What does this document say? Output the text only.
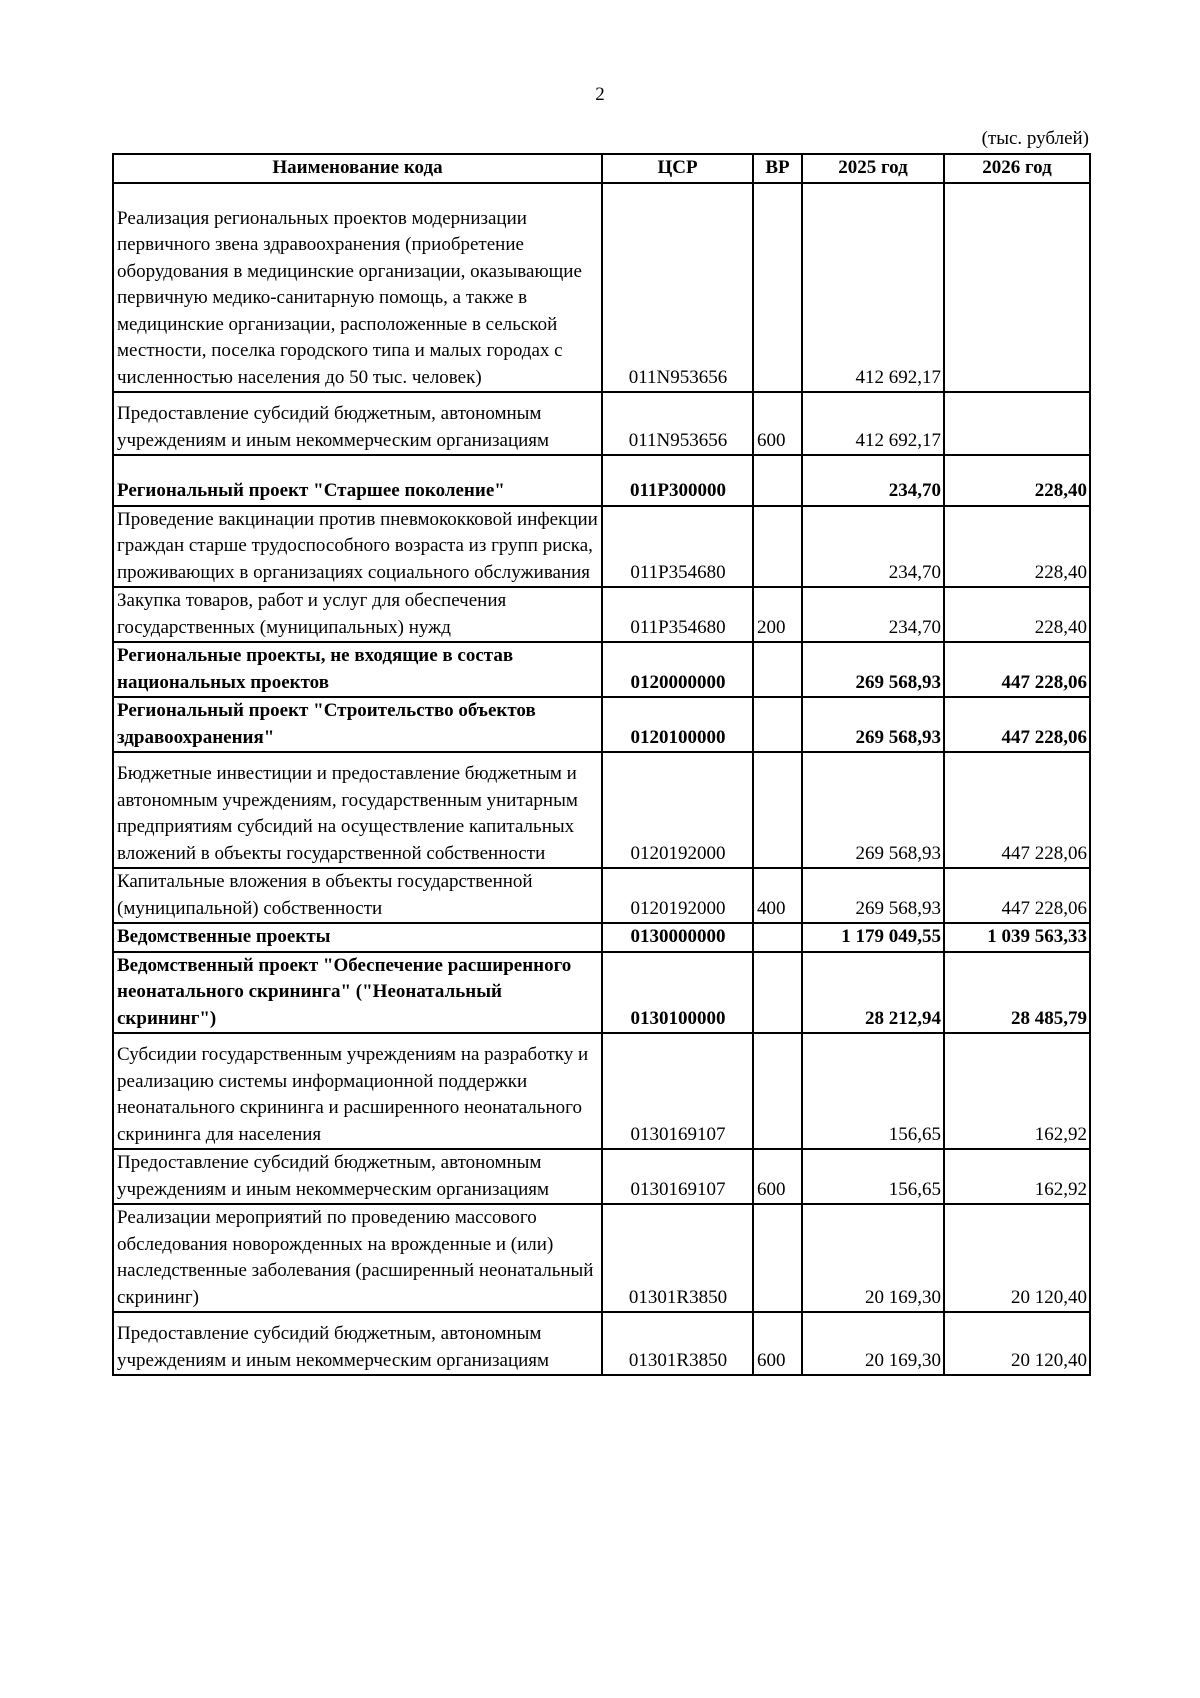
2
(тыс. рублей)
Наименование кода	ЦСР	ВР	2025 год	2026 год
Реализация региональных проектов модернизации первичного звена здравоохранения (приобретение оборудования в медицинские организации, оказывающие первичную медико-санитарную помощь, а также в медицинские организации, расположенные в сельской местности, поселка городского типа и малых городах с численностью населения до 50 тыс. человек)	011N953656		412 692,17	
Предоставление субсидий бюджетным, автономным учреждениям и иным некоммерческим организациям	011N953656	600	412 692,17	
Региональный проект "Старшее поколение"	011P300000		234,70	228,40
Проведение вакцинации против пневмококковой инфекции граждан старше трудоспособного возраста из групп риска, проживающих в организациях социального обслуживания	011P354680		234,70	228,40
Закупка товаров, работ и услуг для обеспечения государственных (муниципальных) нужд	011P354680	200	234,70	228,40
Региональные проекты, не входящие в состав национальных проектов	0120000000		269 568,93	447 228,06
Региональный проект "Строительство объектов здравоохранения"	0120100000		269 568,93	447 228,06
Бюджетные инвестиции и предоставление бюджетным и автономным учреждениям, государственным унитарным предприятиям субсидий на осуществление капитальных вложений в объекты государственной собственности	0120192000		269 568,93	447 228,06
Капитальные вложения в объекты государственной (муниципальной) собственности	0120192000	400	269 568,93	447 228,06
Ведомственные проекты	0130000000		1 179 049,55	1 039 563,33
Ведомственный проект "Обеспечение расширенного неонатального скрининга" ("Неонатальный скрининг")	0130100000		28 212,94	28 485,79
Субсидии государственным учреждениям на разработку и реализацию системы информационной поддержки неонатального скрининга и расширенного неонатального скрининга для населения	0130169107		156,65	162,92
Предоставление субсидий бюджетным, автономным учреждениям и иным некоммерческим организациям	0130169107	600	156,65	162,92
Реализации мероприятий по проведению массового обследования новорожденных на врожденные и (или) наследственные заболевания (расширенный неонатальный скрининг)	01301R3850		20 169,30	20 120,40
Предоставление субсидий бюджетным, автономным учреждениям и иным некоммерческим организациям	01301R3850	600	20 169,30	20 120,40
